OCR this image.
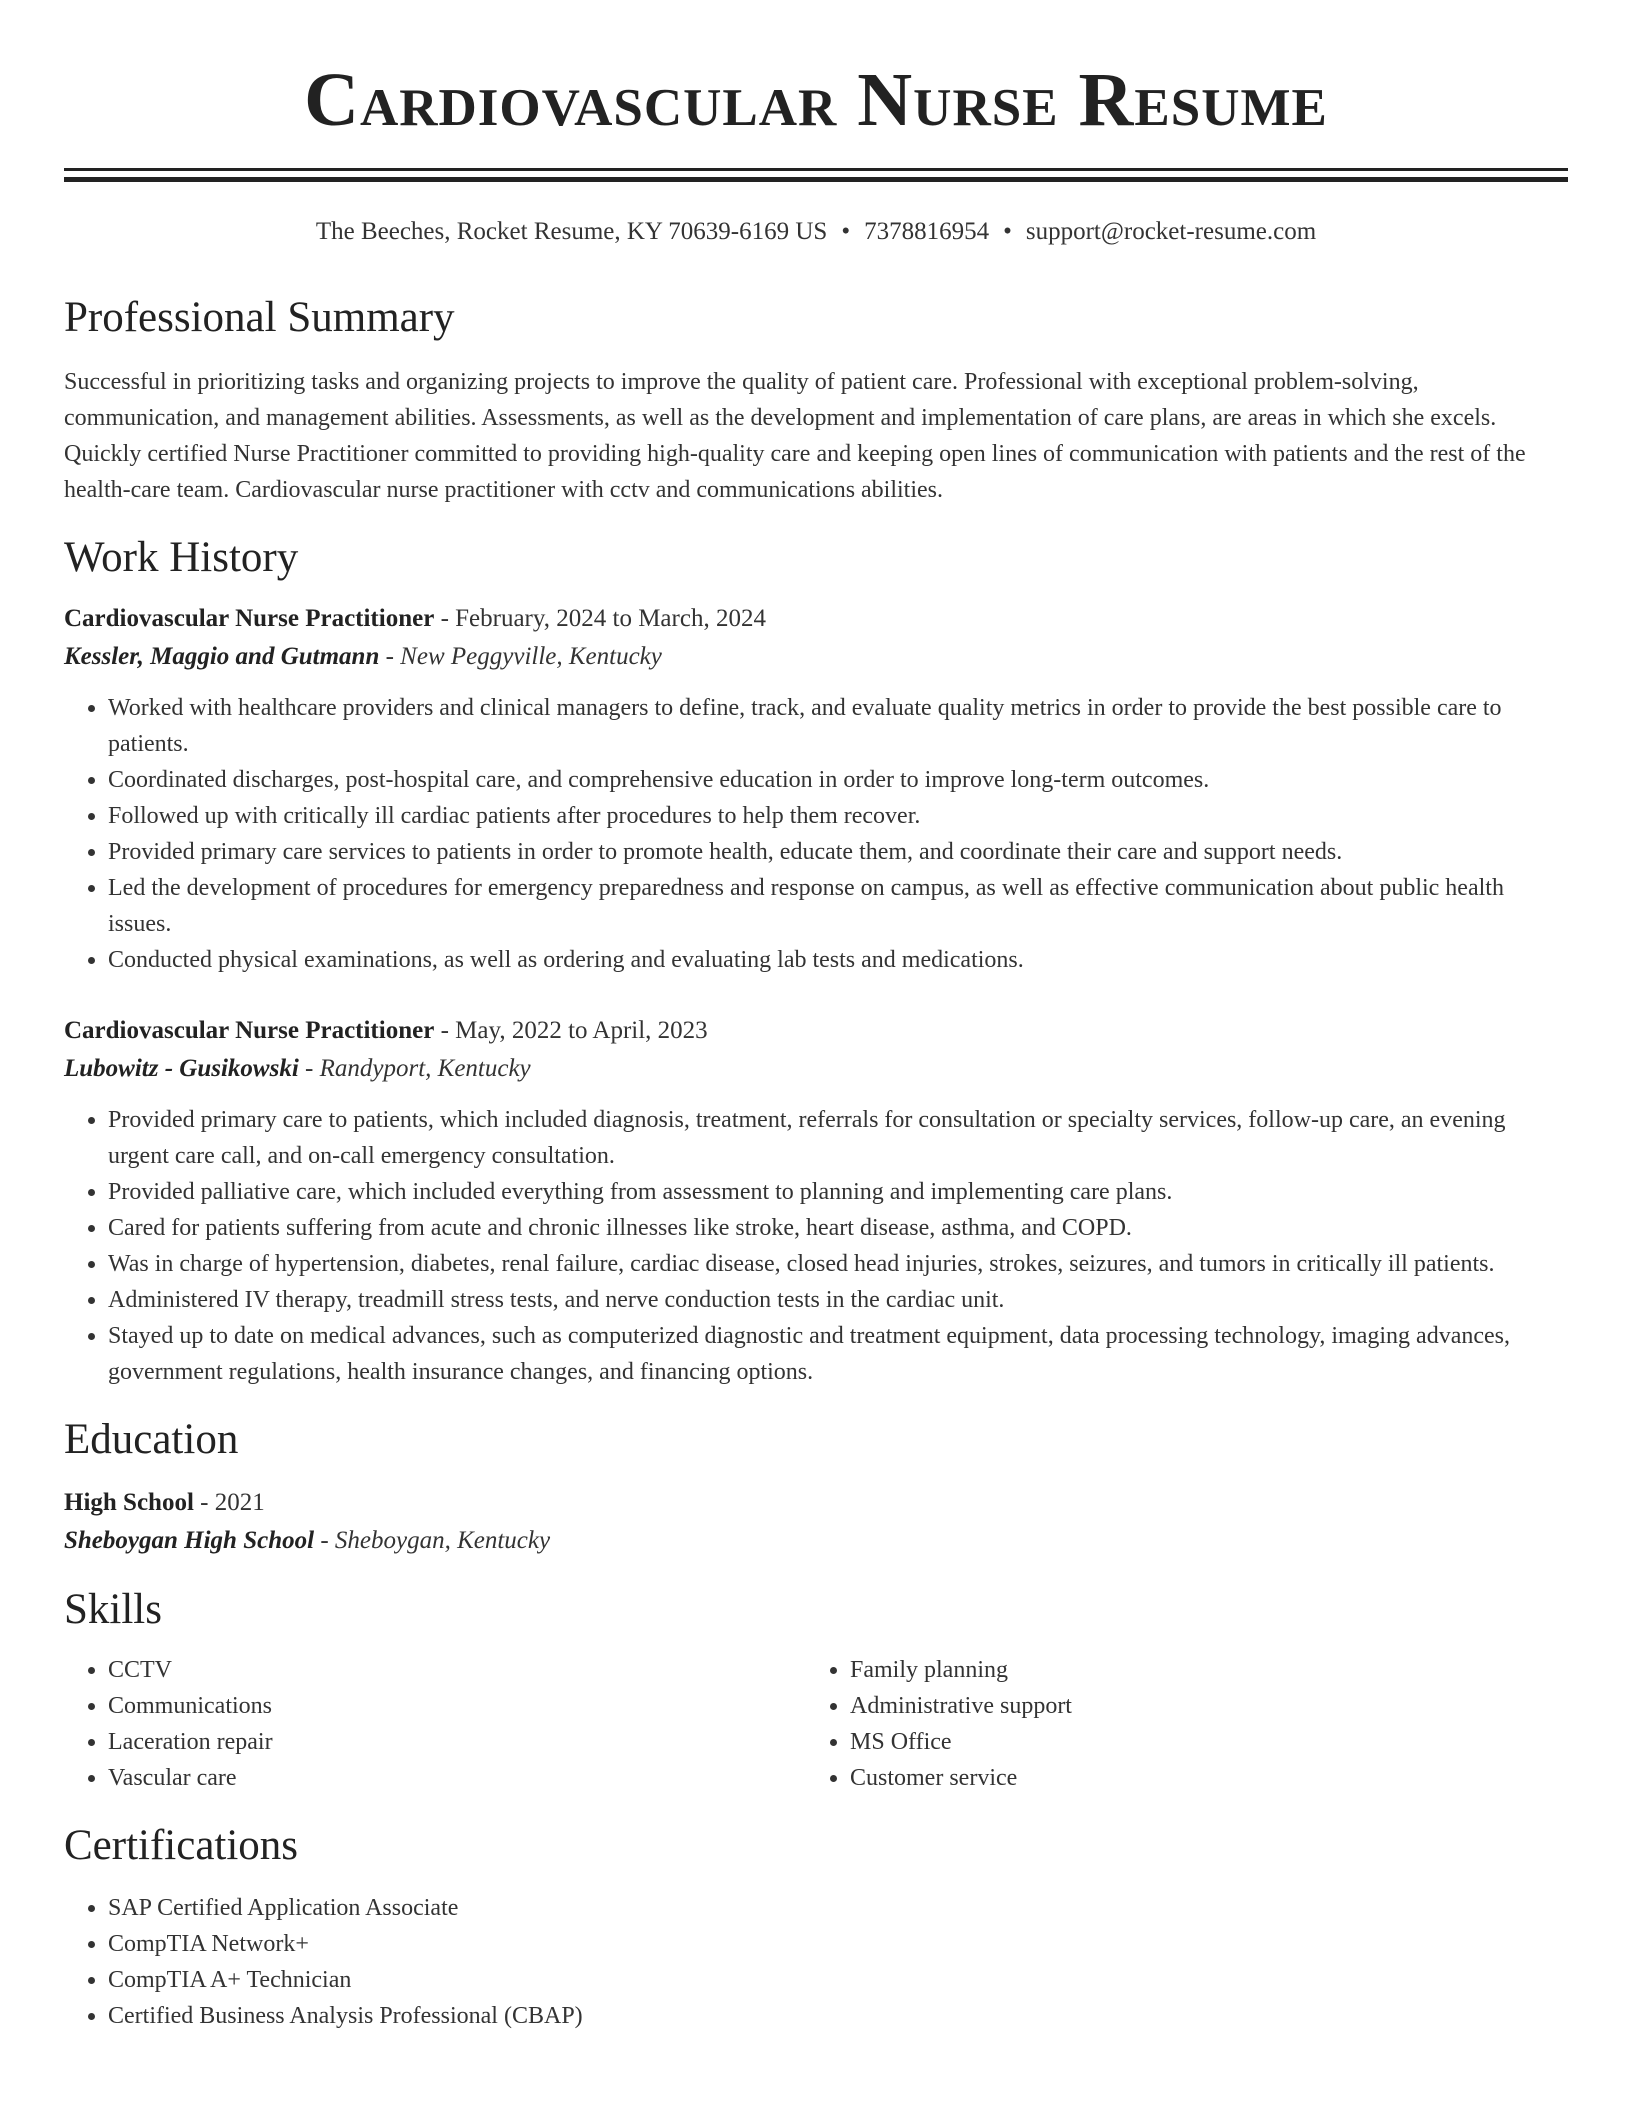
Cardiovascular Nurse Resume
The Beeches, Rocket Resume, KY 70639-6169 US • 7378816954 • support@rocket-resume.com
Professional Summary

Successful in prioritizing tasks and organizing projects to improve the quality of patient care. Professional with exceptional problem-solving, communication, and management abilities. Assessments, as well as the development and implementation of care plans, are areas in which she excels. Quickly certified Nurse Practitioner committed to providing high-quality care and keeping open lines of communication with patients and the rest of the health-care team. Cardiovascular nurse practitioner with cctv and communications abilities.

Work History
Cardiovascular Nurse Practitioner - February, 2024 to March, 2024
Kessler, Maggio and Gutmann - New Peggyville, Kentucky
• Worked with healthcare providers and clinical managers to define, track, and evaluate quality metrics in order to provide the best possible care to patients.
• Coordinated discharges, post-hospital care, and comprehensive education in order to improve long-term outcomes.
• Followed up with critically ill cardiac patients after procedures to help them recover.
• Provided primary care services to patients in order to promote health, educate them, and coordinate their care and support needs.
• Led the development of procedures for emergency preparedness and response on campus, as well as effective communication about public health issues.
• Conducted physical examinations, as well as ordering and evaluating lab tests and medications.
Cardiovascular Nurse Practitioner - May, 2022 to April, 2023
Lubowitz - Gusikowski - Randyport, Kentucky
• Provided primary care to patients, which included diagnosis, treatment, referrals for consultation or specialty services, follow-up care, an evening urgent care call, and on-call emergency consultation.
• Provided palliative care, which included everything from assessment to planning and implementing care plans.
• Cared for patients suffering from acute and chronic illnesses like stroke, heart disease, asthma, and COPD.
• Was in charge of hypertension, diabetes, renal failure, cardiac disease, closed head injuries, strokes, seizures, and tumors in critically ill patients.
• Administered IV therapy, treadmill stress tests, and nerve conduction tests in the cardiac unit.
• Stayed up to date on medical advances, such as computerized diagnostic and treatment equipment, data processing technology, imaging advances, government regulations, health insurance changes, and financing options.
Education
High School - 2021
Sheboygan High School - Sheboygan, Kentucky
Skills
• CCTV
• Communications
• Laceration repair
• Vascular care
• Family planning
• Administrative support
• MS Office
• Customer service
Certifications
• SAP Certified Application Associate
• CompTIA Network+
• CompTIA A+ Technician
• Certified Business Analysis Professional (CBAP)
